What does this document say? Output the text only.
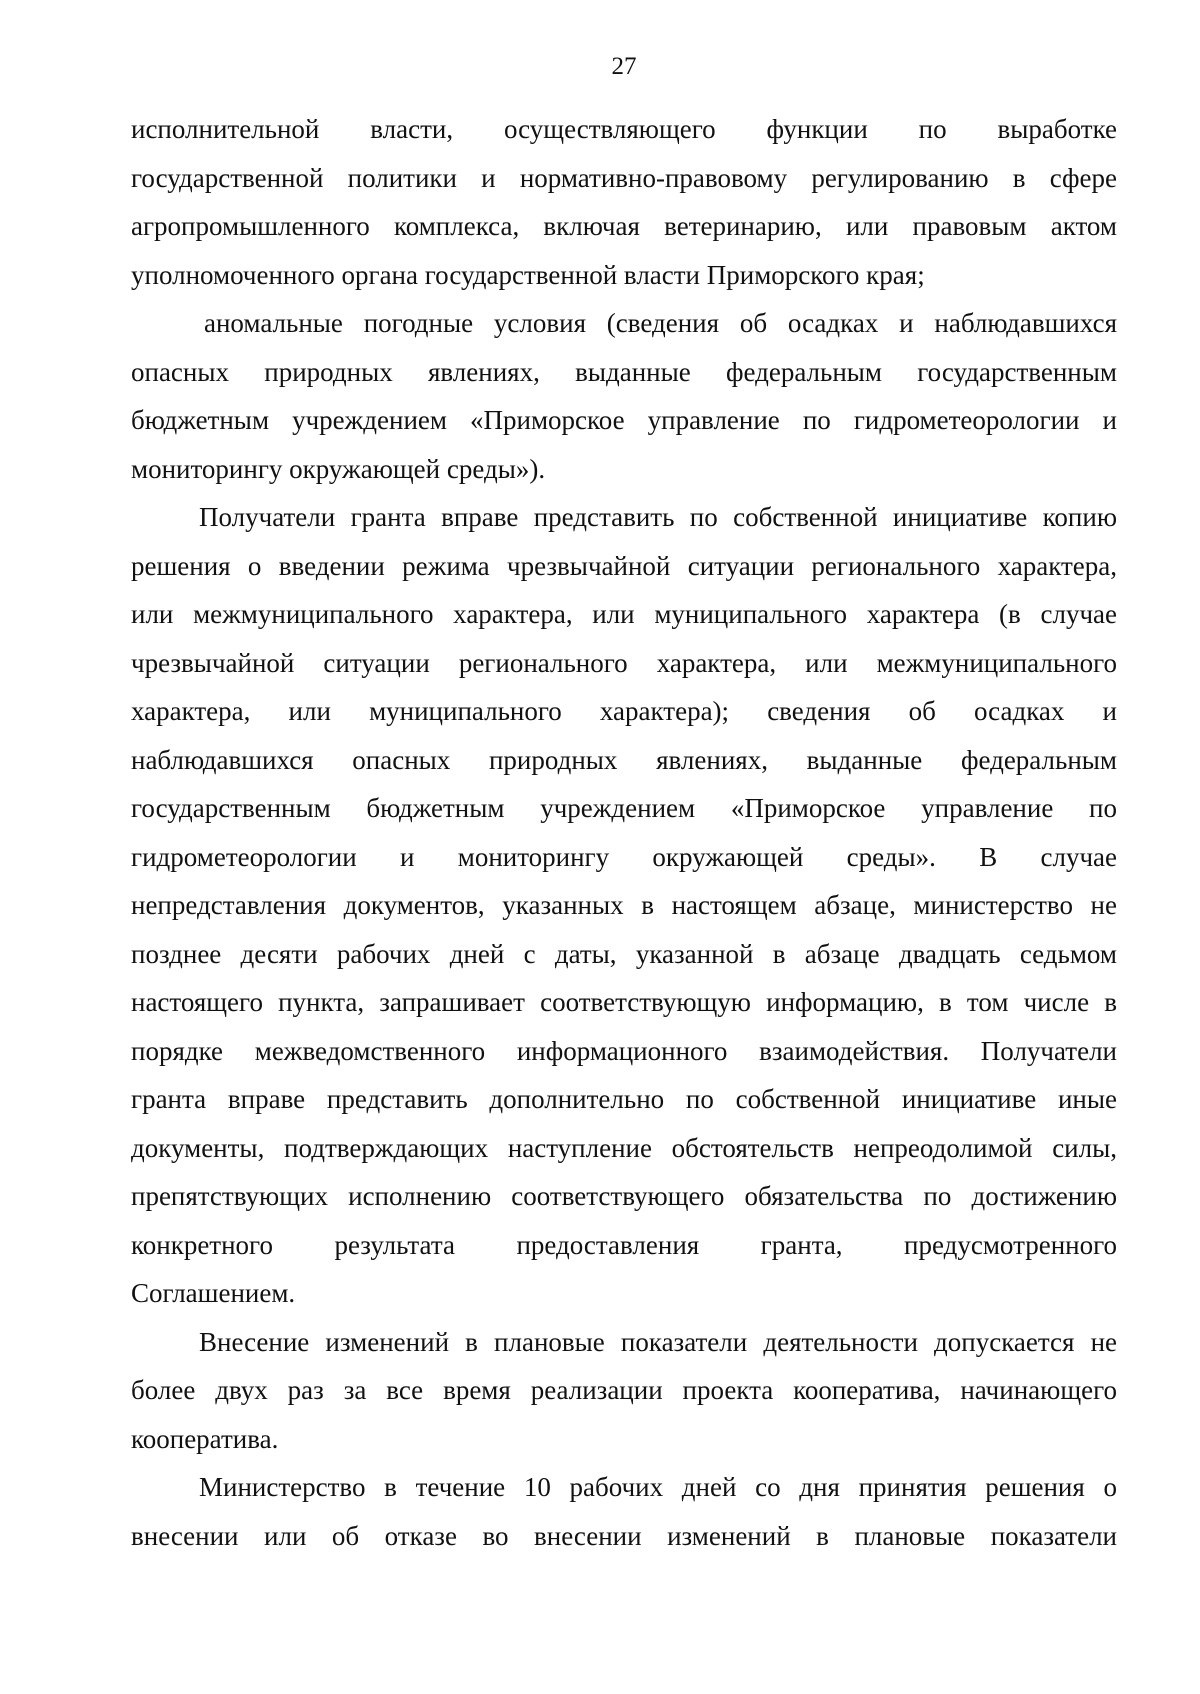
27
исполнительной власти, осуществляющего функции по выработке
государственной политики и нормативно-правовому регулированию в сфере
агропромышленного комплекса, включая ветеринарию, или правовым актом
уполномоченного органа государственной власти Приморского края;
аномальные погодные условия (сведения об осадках и наблюдавшихся
опасных природных явлениях, выданные федеральным государственным
бюджетным учреждением «Приморское управление по гидрометеорологии и
мониторингу окружающей среды»).
Получатели гранта вправе представить по собственной инициативе копию
решения о введении режима чрезвычайной ситуации регионального характера,
или межмуниципального характера, или муниципального характера (в случае
чрезвычайной ситуации регионального характера, или межмуниципального
характера, или муниципального характера); сведения об осадках и
наблюдавшихся опасных природных явлениях, выданные федеральным
государственным бюджетным учреждением «Приморское управление по
гидрометеорологии и мониторингу окружающей среды». В случае
непредставления документов, указанных в настоящем абзаце, министерство не
позднее десяти рабочих дней с даты, указанной в абзаце двадцать седьмом
настоящего пункта, запрашивает соответствующую информацию, в том числе в
порядке межведомственного информационного взаимодействия. Получатели
гранта вправе представить дополнительно по собственной инициативе иные
документы, подтверждающих наступление обстоятельств непреодолимой силы,
препятствующих исполнению соответствующего обязательства по достижению
конкретного результата предоставления гранта, предусмотренного
Соглашением.
Внесение изменений в плановые показатели деятельности допускается не
более двух раз за все время реализации проекта кооператива, начинающего
кооператива.
Министерство в течение 10 рабочих дней со дня принятия решения о
внесении или об отказе во внесении изменений в плановые показатели
